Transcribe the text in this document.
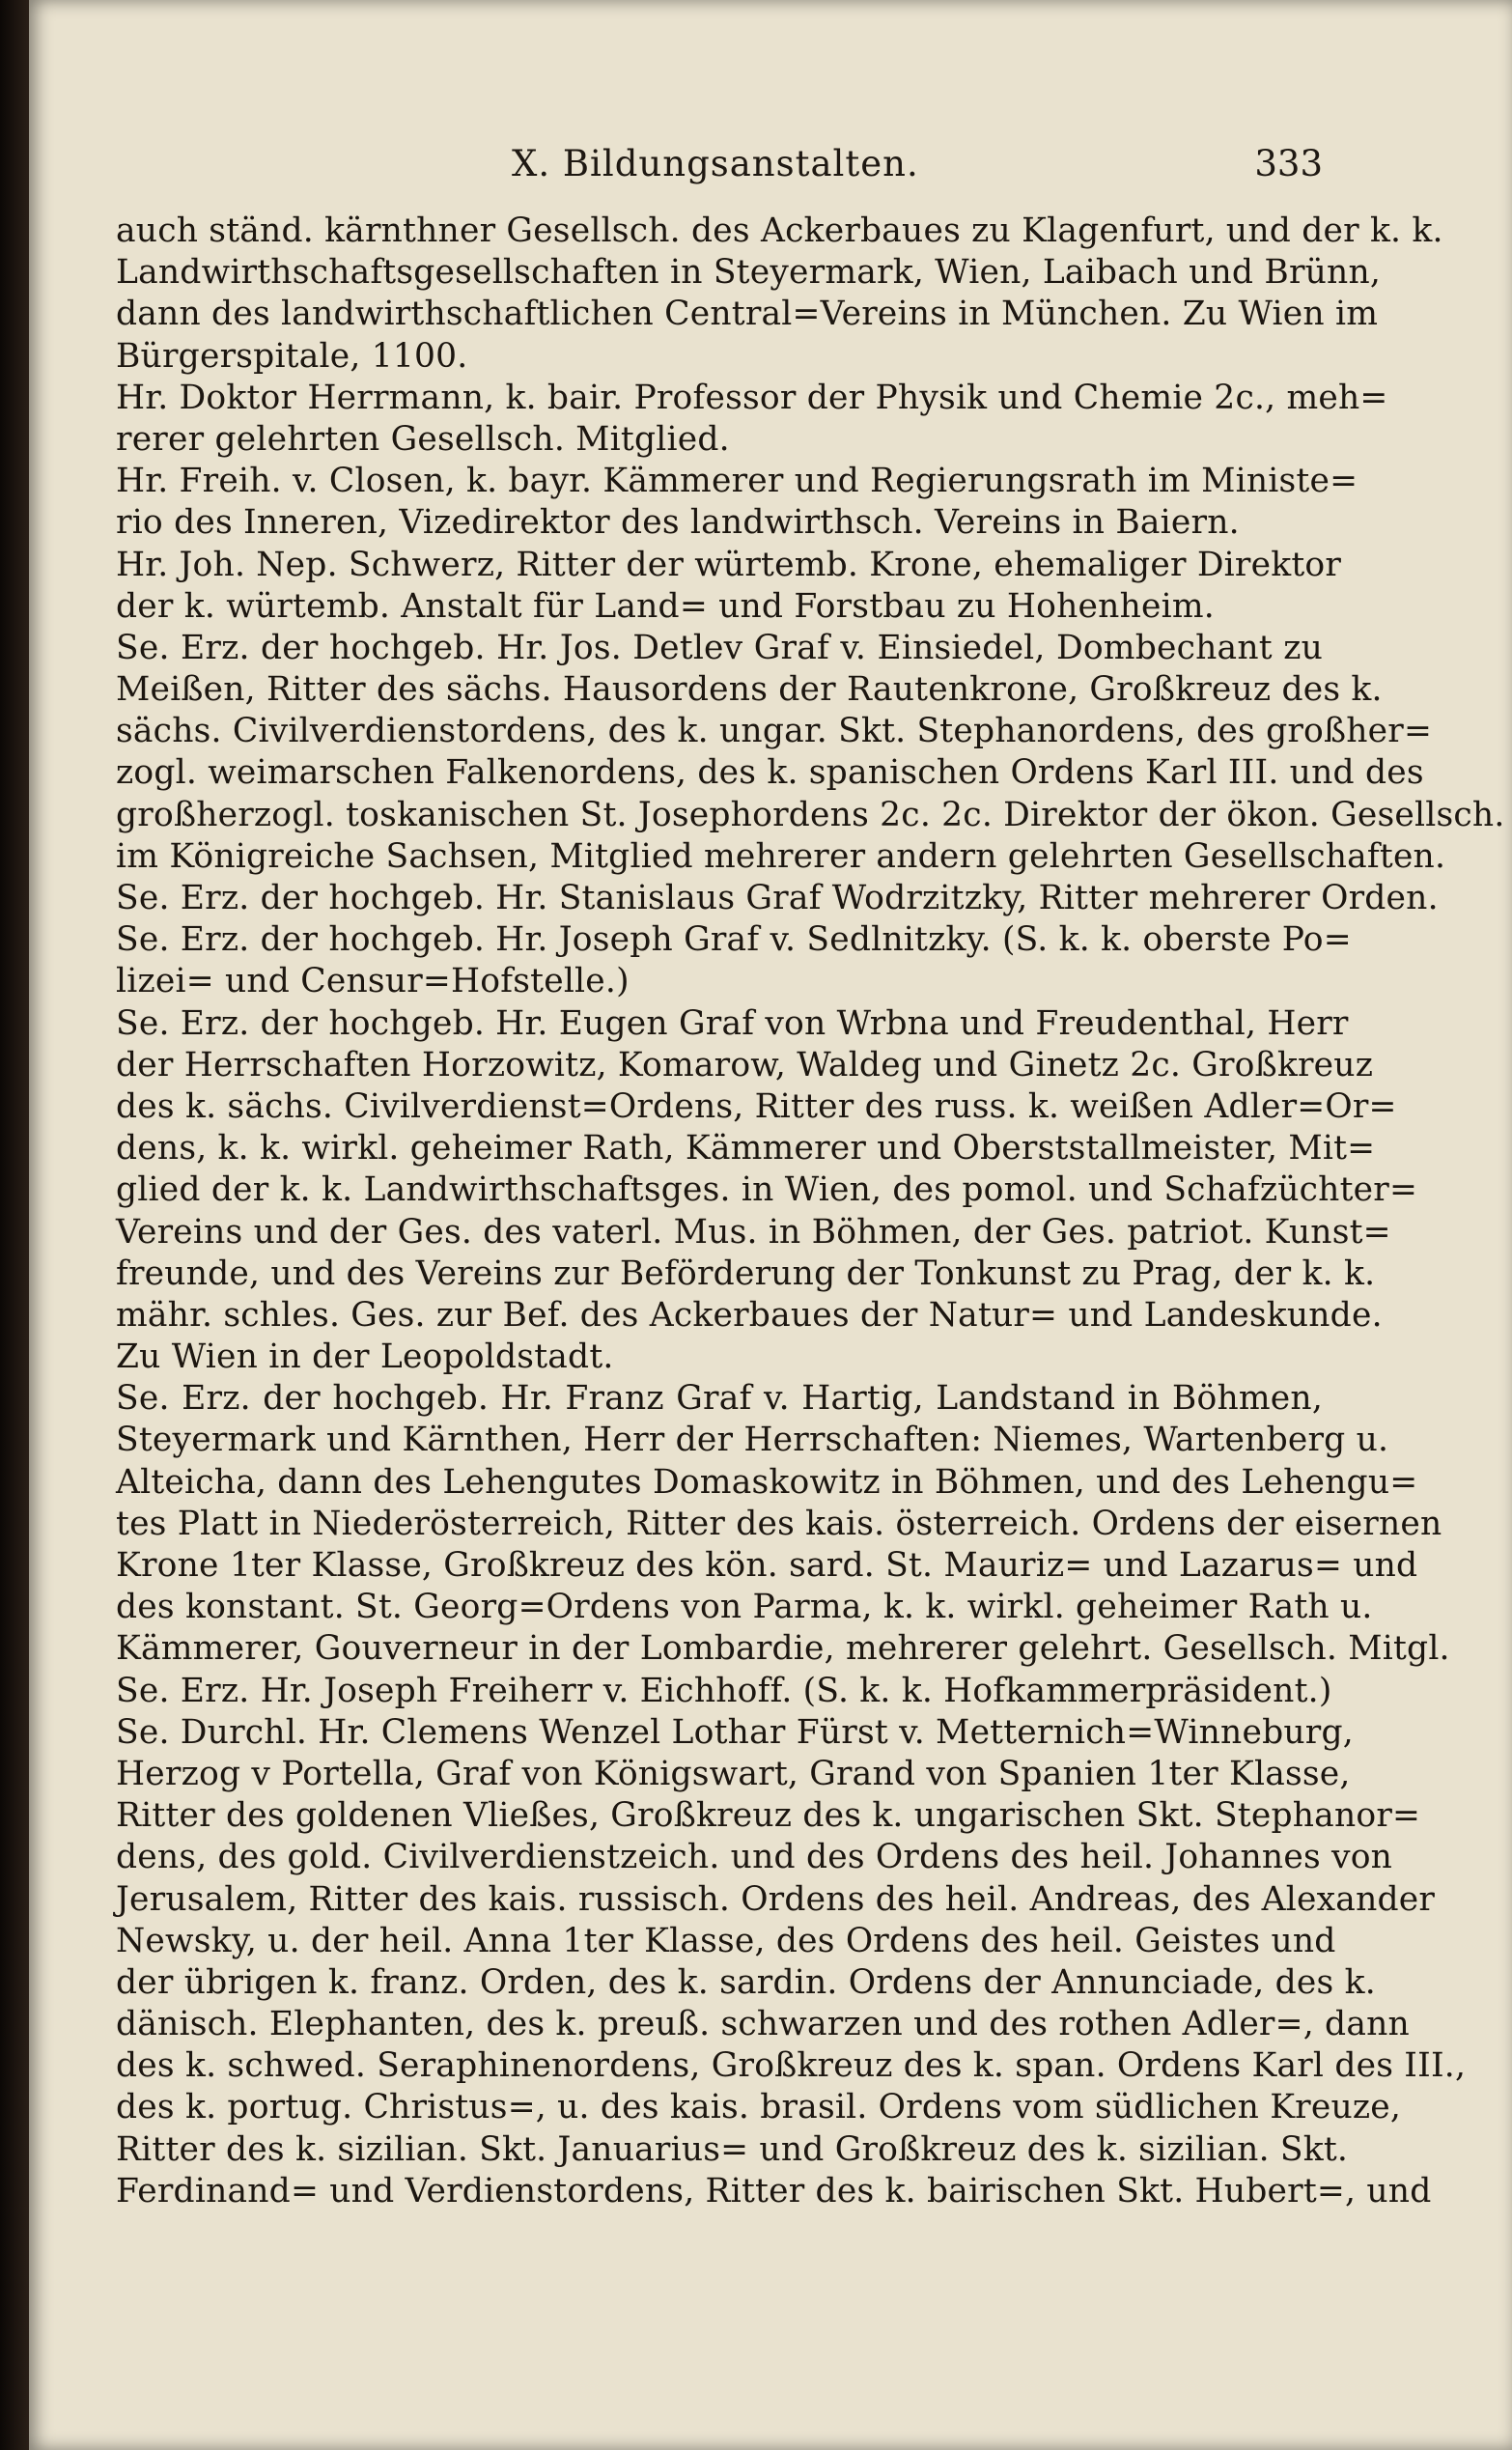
X. Bildungsanstalten.	333
auch ständ. kärnthner Gesellsch. des Ackerbaues zu Klagenfurt, und der k. k.
Landwirthschaftsgesellschaften in Steyermark, Wien, Laibach und Brünn,
dann des landwirthschaftlichen Central=Vereins in München. Zu Wien im
Bürgerspitale, 1100.
Hr. Doktor Herrmann, k. bair. Professor der Physik und Chemie 2c., meh=
rerer gelehrten Gesellsch. Mitglied.
Hr. Freih. v. Closen, k. bayr. Kämmerer und Regierungsrath im Ministe=
rio des Inneren, Vizedirektor des landwirthsch. Vereins in Baiern.
Hr. Joh. Nep. Schwerz, Ritter der würtemb. Krone, ehemaliger Direktor
der k. würtemb. Anstalt für Land= und Forstbau zu Hohenheim.
Se. Erz. der hochgeb. Hr. Jos. Detlev Graf v. Einsiedel, Dombechant zu
Meißen, Ritter des sächs. Hausordens der Rautenkrone, Großkreuz des k.
sächs. Civilverdienstordens, des k. ungar. Skt. Stephanordens, des großher=
zogl. weimarschen Falkenordens, des k. spanischen Ordens Karl III. und des
großherzogl. toskanischen St. Josephordens 2c. 2c. Direktor der ökon. Gesellsch.
im Königreiche Sachsen, Mitglied mehrerer andern gelehrten Gesellschaften.
Se. Erz. der hochgeb. Hr. Stanislaus Graf Wodrzitzky, Ritter mehrerer Orden.
Se. Erz. der hochgeb. Hr. Joseph Graf v. Sedlnitzky. (S. k. k. oberste Po=
lizei= und Censur=Hofstelle.)
Se. Erz. der hochgeb. Hr. Eugen Graf von Wrbna und Freudenthal, Herr
der Herrschaften Horzowitz, Komarow, Waldeg und Ginetz 2c. Großkreuz
des k. sächs. Civilverdienst=Ordens, Ritter des russ. k. weißen Adler=Or=
dens, k. k. wirkl. geheimer Rath, Kämmerer und Oberststallmeister, Mit=
glied der k. k. Landwirthschaftsges. in Wien, des pomol. und Schafzüchter=
Vereins und der Ges. des vaterl. Mus. in Böhmen, der Ges. patriot. Kunst=
freunde, und des Vereins zur Beförderung der Tonkunst zu Prag, der k. k.
mähr. schles. Ges. zur Bef. des Ackerbaues der Natur= und Landeskunde.
Zu Wien in der Leopoldstadt.
Se. Erz. der hochgeb. Hr. Franz Graf v. Hartig, Landstand in Böhmen,
Steyermark und Kärnthen, Herr der Herrschaften: Niemes, Wartenberg u.
Alteicha, dann des Lehengutes Domaskowitz in Böhmen, und des Lehengu=
tes Platt in Niederösterreich, Ritter des kais. österreich. Ordens der eisernen
Krone 1ter Klasse, Großkreuz des kön. sard. St. Mauriz= und Lazarus= und
des konstant. St. Georg=Ordens von Parma, k. k. wirkl. geheimer Rath u.
Kämmerer, Gouverneur in der Lombardie, mehrerer gelehrt. Gesellsch. Mitgl.
Se. Erz. Hr. Joseph Freiherr v. Eichhoff. (S. k. k. Hofkammerpräsident.)
Se. Durchl. Hr. Clemens Wenzel Lothar Fürst v. Metternich=Winneburg,
Herzog v Portella, Graf von Königswart, Grand von Spanien 1ter Klasse,
Ritter des goldenen Vließes, Großkreuz des k. ungarischen Skt. Stephanor=
dens, des gold. Civilverdienstzeich. und des Ordens des heil. Johannes von
Jerusalem, Ritter des kais. russisch. Ordens des heil. Andreas, des Alexander
Newsky, u. der heil. Anna 1ter Klasse, des Ordens des heil. Geistes und
der übrigen k. franz. Orden, des k. sardin. Ordens der Annunciade, des k.
dänisch. Elephanten, des k. preuß. schwarzen und des rothen Adler=, dann
des k. schwed. Seraphinenordens, Großkreuz des k. span. Ordens Karl des III.,
des k. portug. Christus=, u. des kais. brasil. Ordens vom südlichen Kreuze,
Ritter des k. sizilian. Skt. Januarius= und Großkreuz des k. sizilian. Skt.
Ferdinand= und Verdienstordens, Ritter des k. bairischen Skt. Hubert=, und
